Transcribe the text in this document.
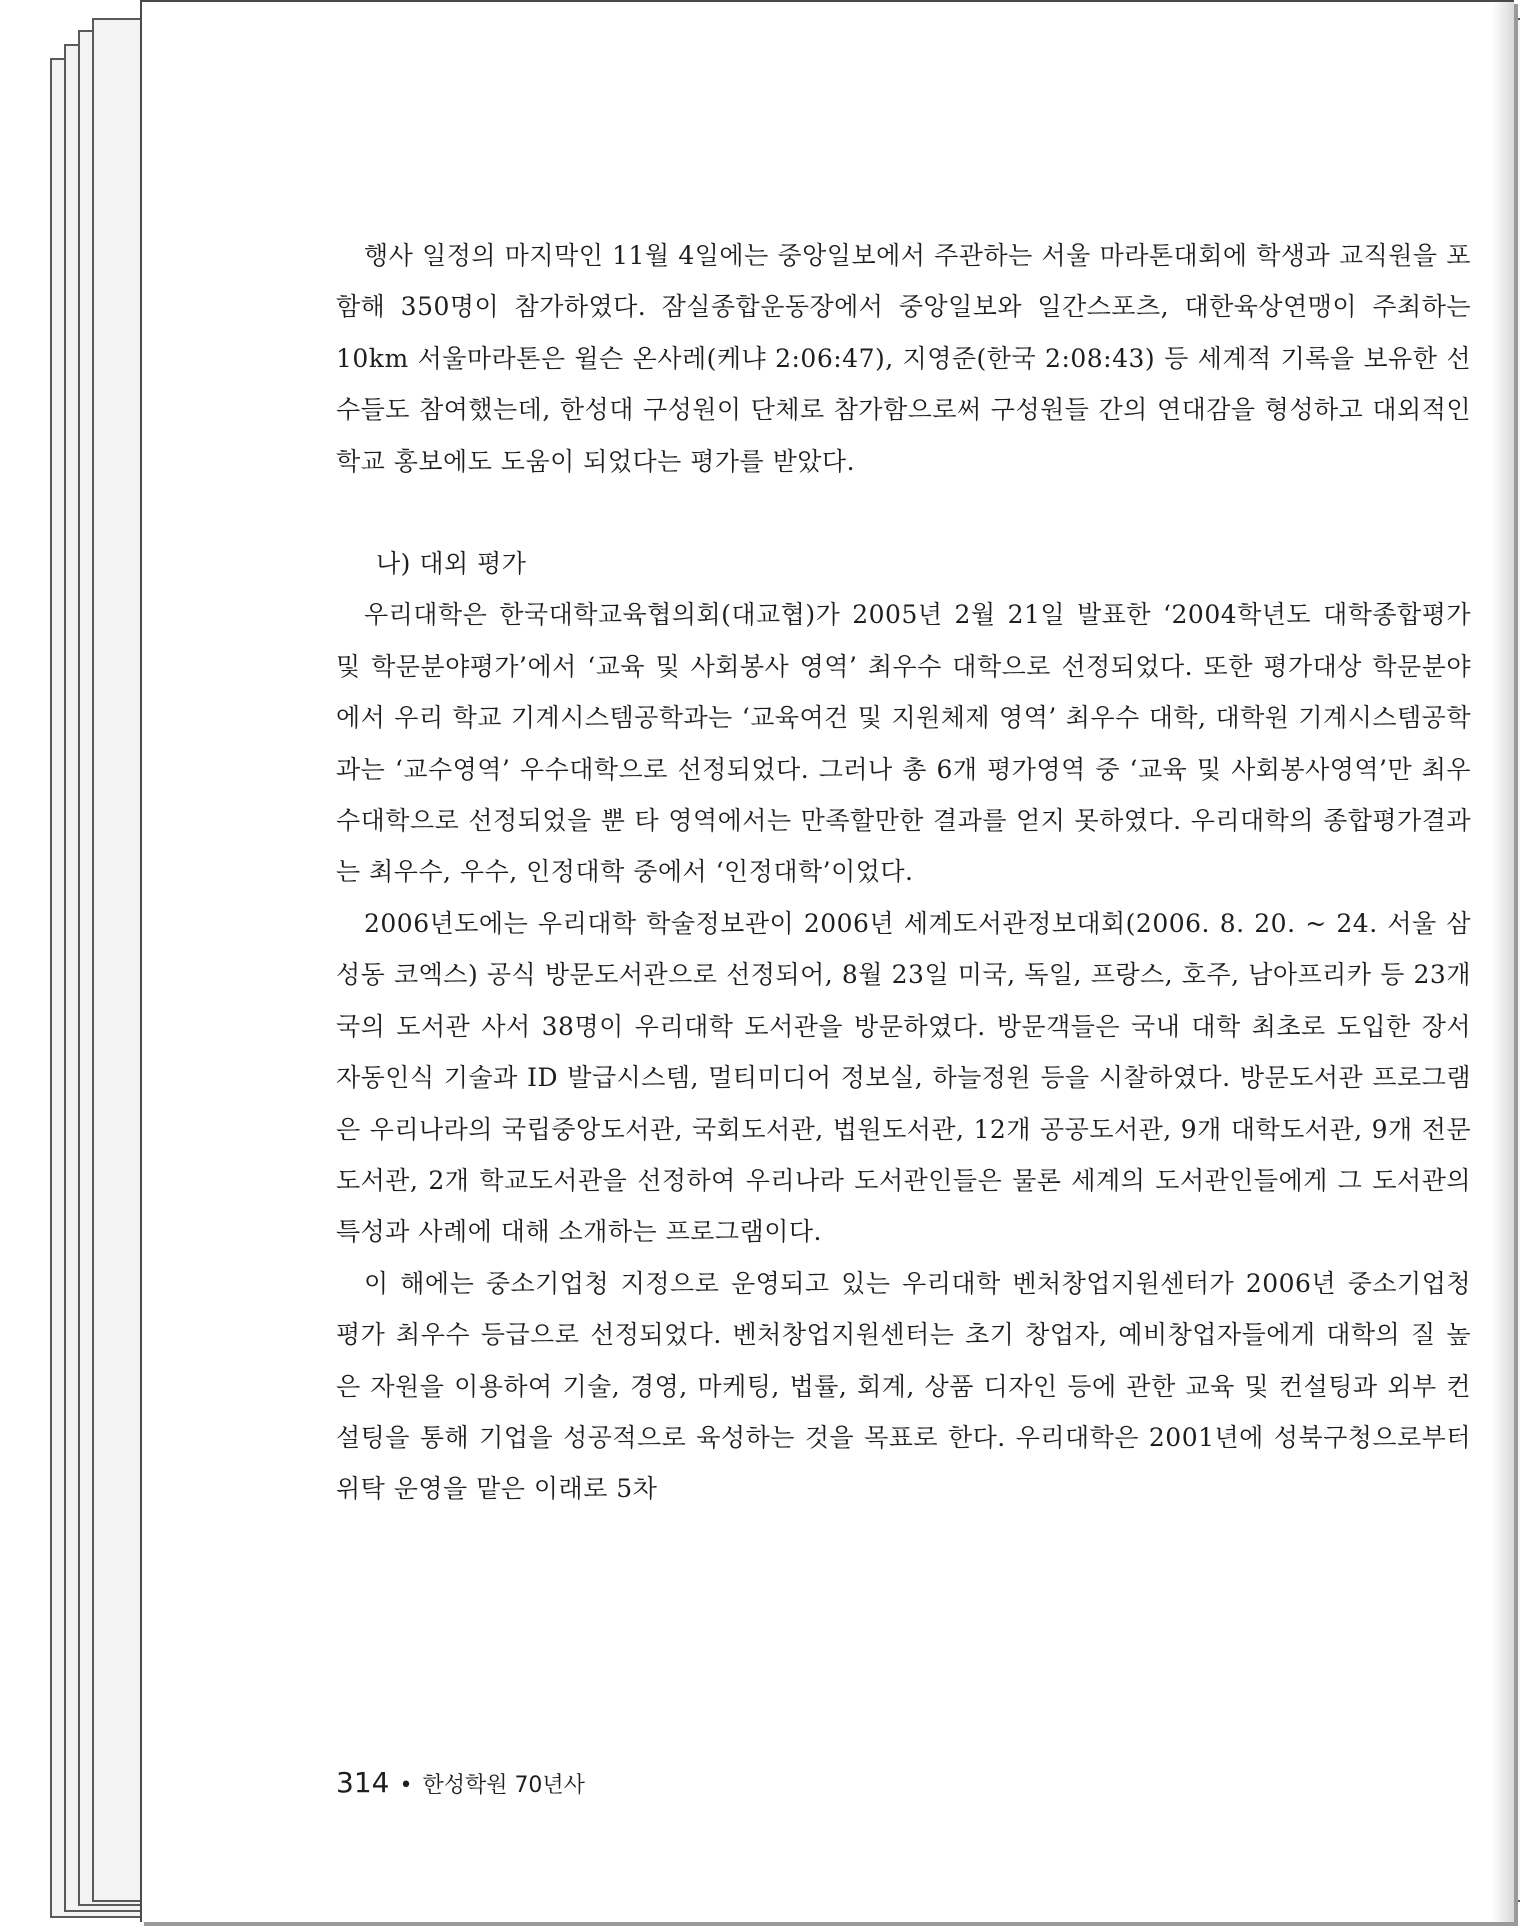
행사 일정의 마지막인 11월 4일에는 중앙일보에서 주관하는 서울 마라톤대회에 학생과 교직원을 포함해 350명이 참가하였다. 잠실종합운동장에서 중앙일보와 일간스포츠, 대한육상연맹이 주최하는 10km 서울마라톤은 윌슨 온사레(케냐 2:06:47), 지영준(한국 2:08:43) 등 세계적 기록을 보유한 선수들도 참여했는데, 한성대 구성원이 단체로 참가함으로써 구성원들 간의 연대감을 형성하고 대외적인 학교 홍보에도 도움이 되었다는 평가를 받았다.

나) 대외 평가

우리대학은 한국대학교육협의회(대교협)가 2005년 2월 21일 발표한 ‘2004학년도 대학종합평가 및 학문분야평가’에서 ‘교육 및 사회봉사 영역’ 최우수 대학으로 선정되었다. 또한 평가대상 학문분야에서 우리 학교 기계시스템공학과는 ‘교육여건 및 지원체제 영역’ 최우수 대학, 대학원 기계시스템공학과는 ‘교수영역’ 우수대학으로 선정되었다. 그러나 총 6개 평가영역 중 ‘교육 및 사회봉사영역’만 최우수대학으로 선정되었을 뿐 타 영역에서는 만족할만한 결과를 얻지 못하였다. 우리대학의 종합평가결과는 최우수, 우수, 인정대학 중에서 ‘인정대학’이었다.

2006년도에는 우리대학 학술정보관이 2006년 세계도서관정보대회(2006. 8. 20. ~ 24. 서울 삼성동 코엑스) 공식 방문도서관으로 선정되어, 8월 23일 미국, 독일, 프랑스, 호주, 남아프리카 등 23개국의 도서관 사서 38명이 우리대학 도서관을 방문하였다. 방문객들은 국내 대학 최초로 도입한 장서 자동인식 기술과 ID 발급시스템, 멀티미디어 정보실, 하늘정원 등을 시찰하였다. 방문도서관 프로그램은 우리나라의 국립중앙도서관, 국회도서관, 법원도서관, 12개 공공도서관, 9개 대학도서관, 9개 전문도서관, 2개 학교도서관을 선정하여 우리나라 도서관인들은 물론 세계의 도서관인들에게 그 도서관의 특성과 사례에 대해 소개하는 프로그램이다.

이 해에는 중소기업청 지정으로 운영되고 있는 우리대학 벤처창업지원센터가 2006년 중소기업청 평가 최우수 등급으로 선정되었다. 벤처창업지원센터는 초기 창업자, 예비창업자들에게 대학의 질 높은 자원을 이용하여 기술, 경영, 마케팅, 법률, 회계, 상품 디자인 등에 관한 교육 및 컨설팅과 외부 컨설팅을 통해 기업을 성공적으로 육성하는 것을 목표로 한다. 우리대학은 2001년에 성북구청으로부터 위탁 운영을 맡은 이래로 5차

314 • 한성학원 70년사
